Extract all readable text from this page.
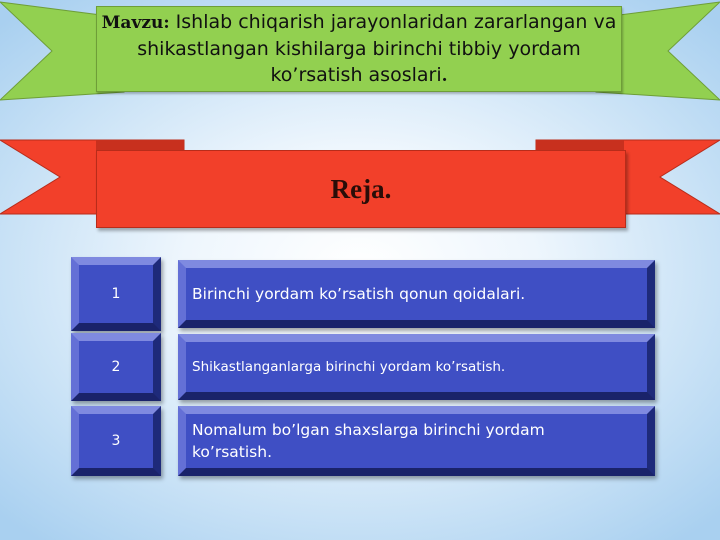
Mavzu: Ishlab chiqarish jarayonlaridan zararlangan va shikastlangan kishilarga birinchi tibbiy yordam ko’rsatish asoslari.
Reja.
1	Birinchi yordam ko’rsatish qonun qoidalari.
2	Shikastlanganlarga birinchi yordam ko’rsatish.
3
Nomalum bo’lgan shaxslarga birinchi yordam ko’rsatish.
